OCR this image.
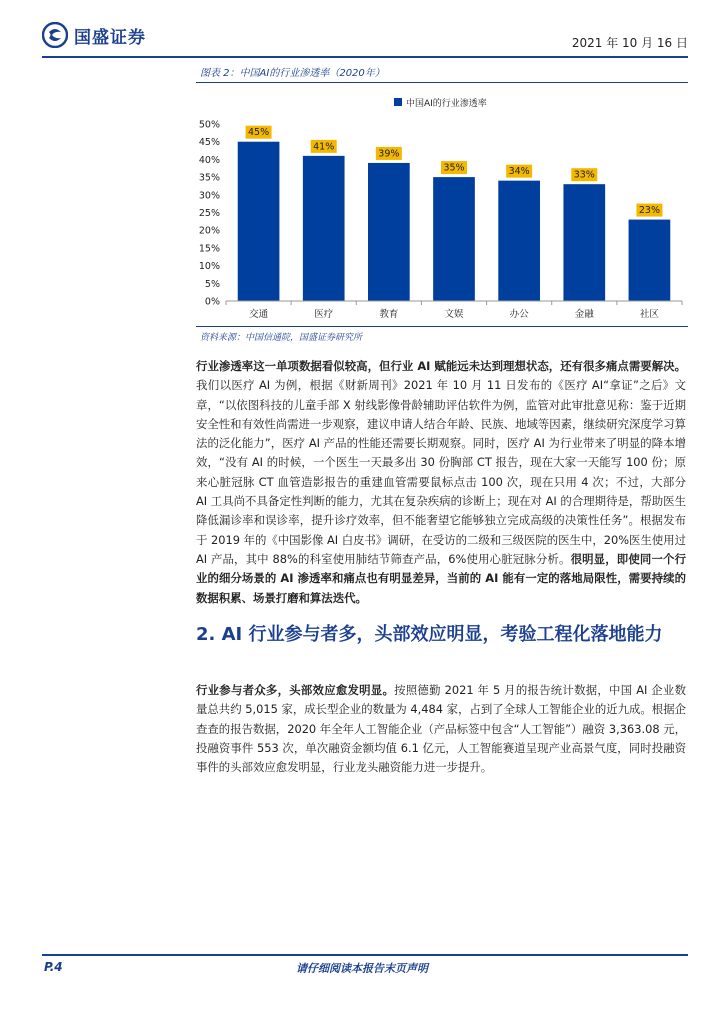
国盛证券	2021 年 10 月 16 日
图表 2：中国AI的行业渗透率（2020年）
中国AI的行业渗透率
0%
5%
10%
15%
20%
25%
30%
35%
40%
45%
50%
45%
41%
39%
35%	34%	33%
23%
交通	医疗	教育	文娱	办公	金融	社区
资料来源：中国信通院，国盛证券研究所
行业渗透率这一单项数据看似较高，但行业 AI 赋能远未达到理想状态，还有很多痛点需要解决。我们以医疗 AI 为例，根据《财新周刊》2021 年 10 月 11 日发布的《医疗 AI“拿证”之后》文章，“以依图科技的儿童手部 X 射线影像骨龄辅助评估软件为例，监管对此审批意见称：鉴于近期安全性和有效性尚需进一步观察，建议申请人结合年龄、民族、地域等因素，继续研究深度学习算法的泛化能力”，医疗 AI 产品的性能还需要长期观察。同时，医疗 AI 为行业带来了明显的降本增效，“没有 AI 的时候，一个医生一天最多出 30 份胸部 CT 报告，现在大家一天能写 100 份；原来心脏冠脉 CT 血管造影报告的重建血管需要鼠标点击 100 次，现在只用 4 次；不过，大部分 AI 工具尚不具备定性判断的能力，尤其在复杂疾病的诊断上；现在对 AI 的合理期待是，帮助医生降低漏诊率和误诊率，提升诊疗效率，但不能奢望它能够独立完成高级的决策性任务”。根据发布于 2019 年的《中国影像 AI 白皮书》调研，在受访的二级和三级医院的医生中，20%医生使用过 AI 产品，其中 88%的科室使用肺结节筛查产品，6%使用心脏冠脉分析。很明显，即使同一个行业的细分场景的 AI 渗透率和痛点也有明显差异，当前的 AI 能有一定的落地局限性，需要持续的数据积累、场景打磨和算法迭代。
2. AI 行业参与者多，头部效应明显，考验工程化落地能力
行业参与者众多，头部效应愈发明显。按照德勤 2021 年 5 月的报告统计数据，中国 AI 企业数量总共约 5,015 家，成长型企业的数量为 4,484 家，占到了全球人工智能企业的近九成。根据企查查的报告数据，2020 年全年人工智能企业（产品标签中包含“人工智能”）融资 3,363.08 元，投融资事件 553 次，单次融资金额均值 6.1 亿元，人工智能赛道呈现产业高景气度，同时投融资事件的头部效应愈发明显，行业龙头融资能力进一步提升。
P.4	请仔细阅读本报告末页声明
